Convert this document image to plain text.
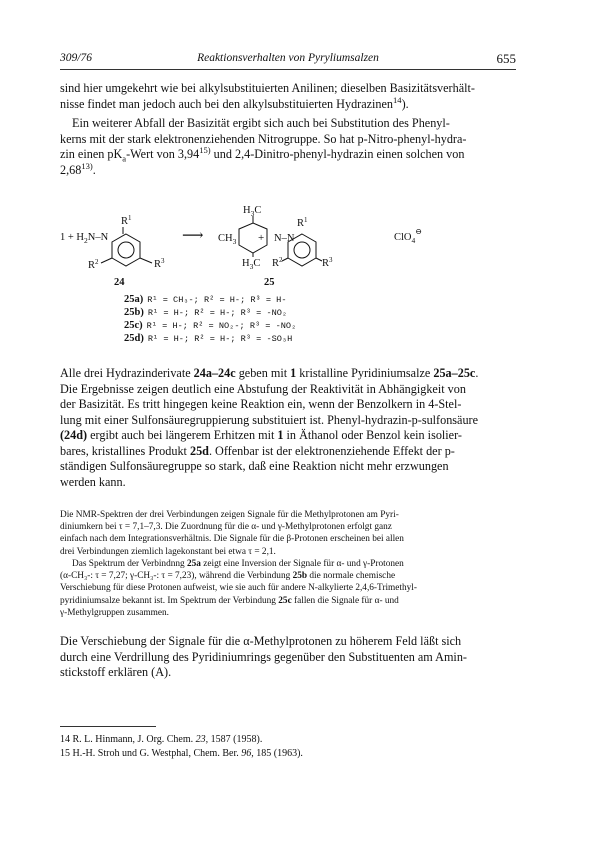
309/76	Reaktionsverhalten von Pyryliumsalzen	655

sind hier umgekehrt wie bei alkylsubstituierten Anilinen; dieselben Basizitätsverhält-
nisse findet man jedoch auch bei den alkylsubstituierten Hydrazinen$^{14}$).

Ein weiterer Abfall der Basizität ergibt sich auch bei Substitution des Phenyl-
kerns mit der stark elektronenziehenden Nitrogruppe. So hat p-Nitro-phenyl-hydra-
zin einen $pK_a$-Wert von 3,94$^{15)}$ und 2,4-Dinitro-phenyl-hydrazin einen solchen von
2,68$^{13)}$.

$1 + H_2N-N$
$R^1$
$R^2$	$R^3$
24
⟶
$H_3C$
$CH_3 + N-N$
$R^1$
$H_3C$ $R^2$	$R^3$
ClO$_4$⊖
25
25a) R¹ = CH₃-; R² = H-; R³ = H-
25b) R¹ = H-; R² = H-; R³ = -NO₂
25c) R¹ = H-; R² = NO₂-; R³ = -NO₂
25d) R¹ = H-; R² = H-; R³ = -SO₃H

Alle drei Hydrazinderivate 24a–24c geben mit 1 kristalline Pyridiniumsalze 25a–25c.
Die Ergebnisse zeigen deutlich eine Abstufung der Reaktivität in Abhängigkeit von
der Basizität. Es tritt hingegen keine Reaktion ein, wenn der Benzolkern in 4-Stel-
lung mit einer Sulfonsäuregruppierung substituiert ist. Phenyl-hydrazin-p-sulfonsäure
(24d) ergibt auch bei längerem Erhitzen mit 1 in Äthanol oder Benzol kein isolier-
bares, kristallines Produkt 25d. Offenbar ist der elektronenziehende Effekt der p-
ständigen Sulfonsäuregruppe so stark, daß eine Reaktion nicht mehr erzwungen
werden kann.

Die NMR-Spektren der drei Verbindungen zeigen Signale für die Methylprotonen am Pyri-
diniumkern bei τ = 7,1–7,3. Die Zuordnung für die α- und γ-Methylprotonen erfolgt ganz
einfach nach dem Integrationsverhältnis. Die Signale für die β-Protonen erscheinen bei allen
drei Verbindungen ziemlich lagekonstant bei etwa τ = 2,1.

Das Spektrum der Verbindnng 25a zeigt eine Inversion der Signale für α- und γ-Protonen
(α-CH₃-: τ = 7,27; γ-CH₃-: τ = 7,23), während die Verbindung 25b die normale chemische
Verschiebung für diese Protonen aufweist, wie sie auch für andere N-alkylierte 2,4,6-Trimethyl-
pyridiniumsalze bekannt ist. Im Spektrum der Verbindung 25c fallen die Signale für α- und
γ-Methylgruppen zusammen.

Die Verschiebung der Signale für die α-Methylprotonen zu höherem Feld läßt sich
durch eine Verdrillung des Pyridiniumrings gegenüber den Substituenten am Amin-
stickstoff erklären (A).

14 R. L. Hinmann, J. Org. Chem. 23, 1587 (1958).

15 H.-H. Stroh und G. Westphal, Chem. Ber. 96, 185 (1963).
